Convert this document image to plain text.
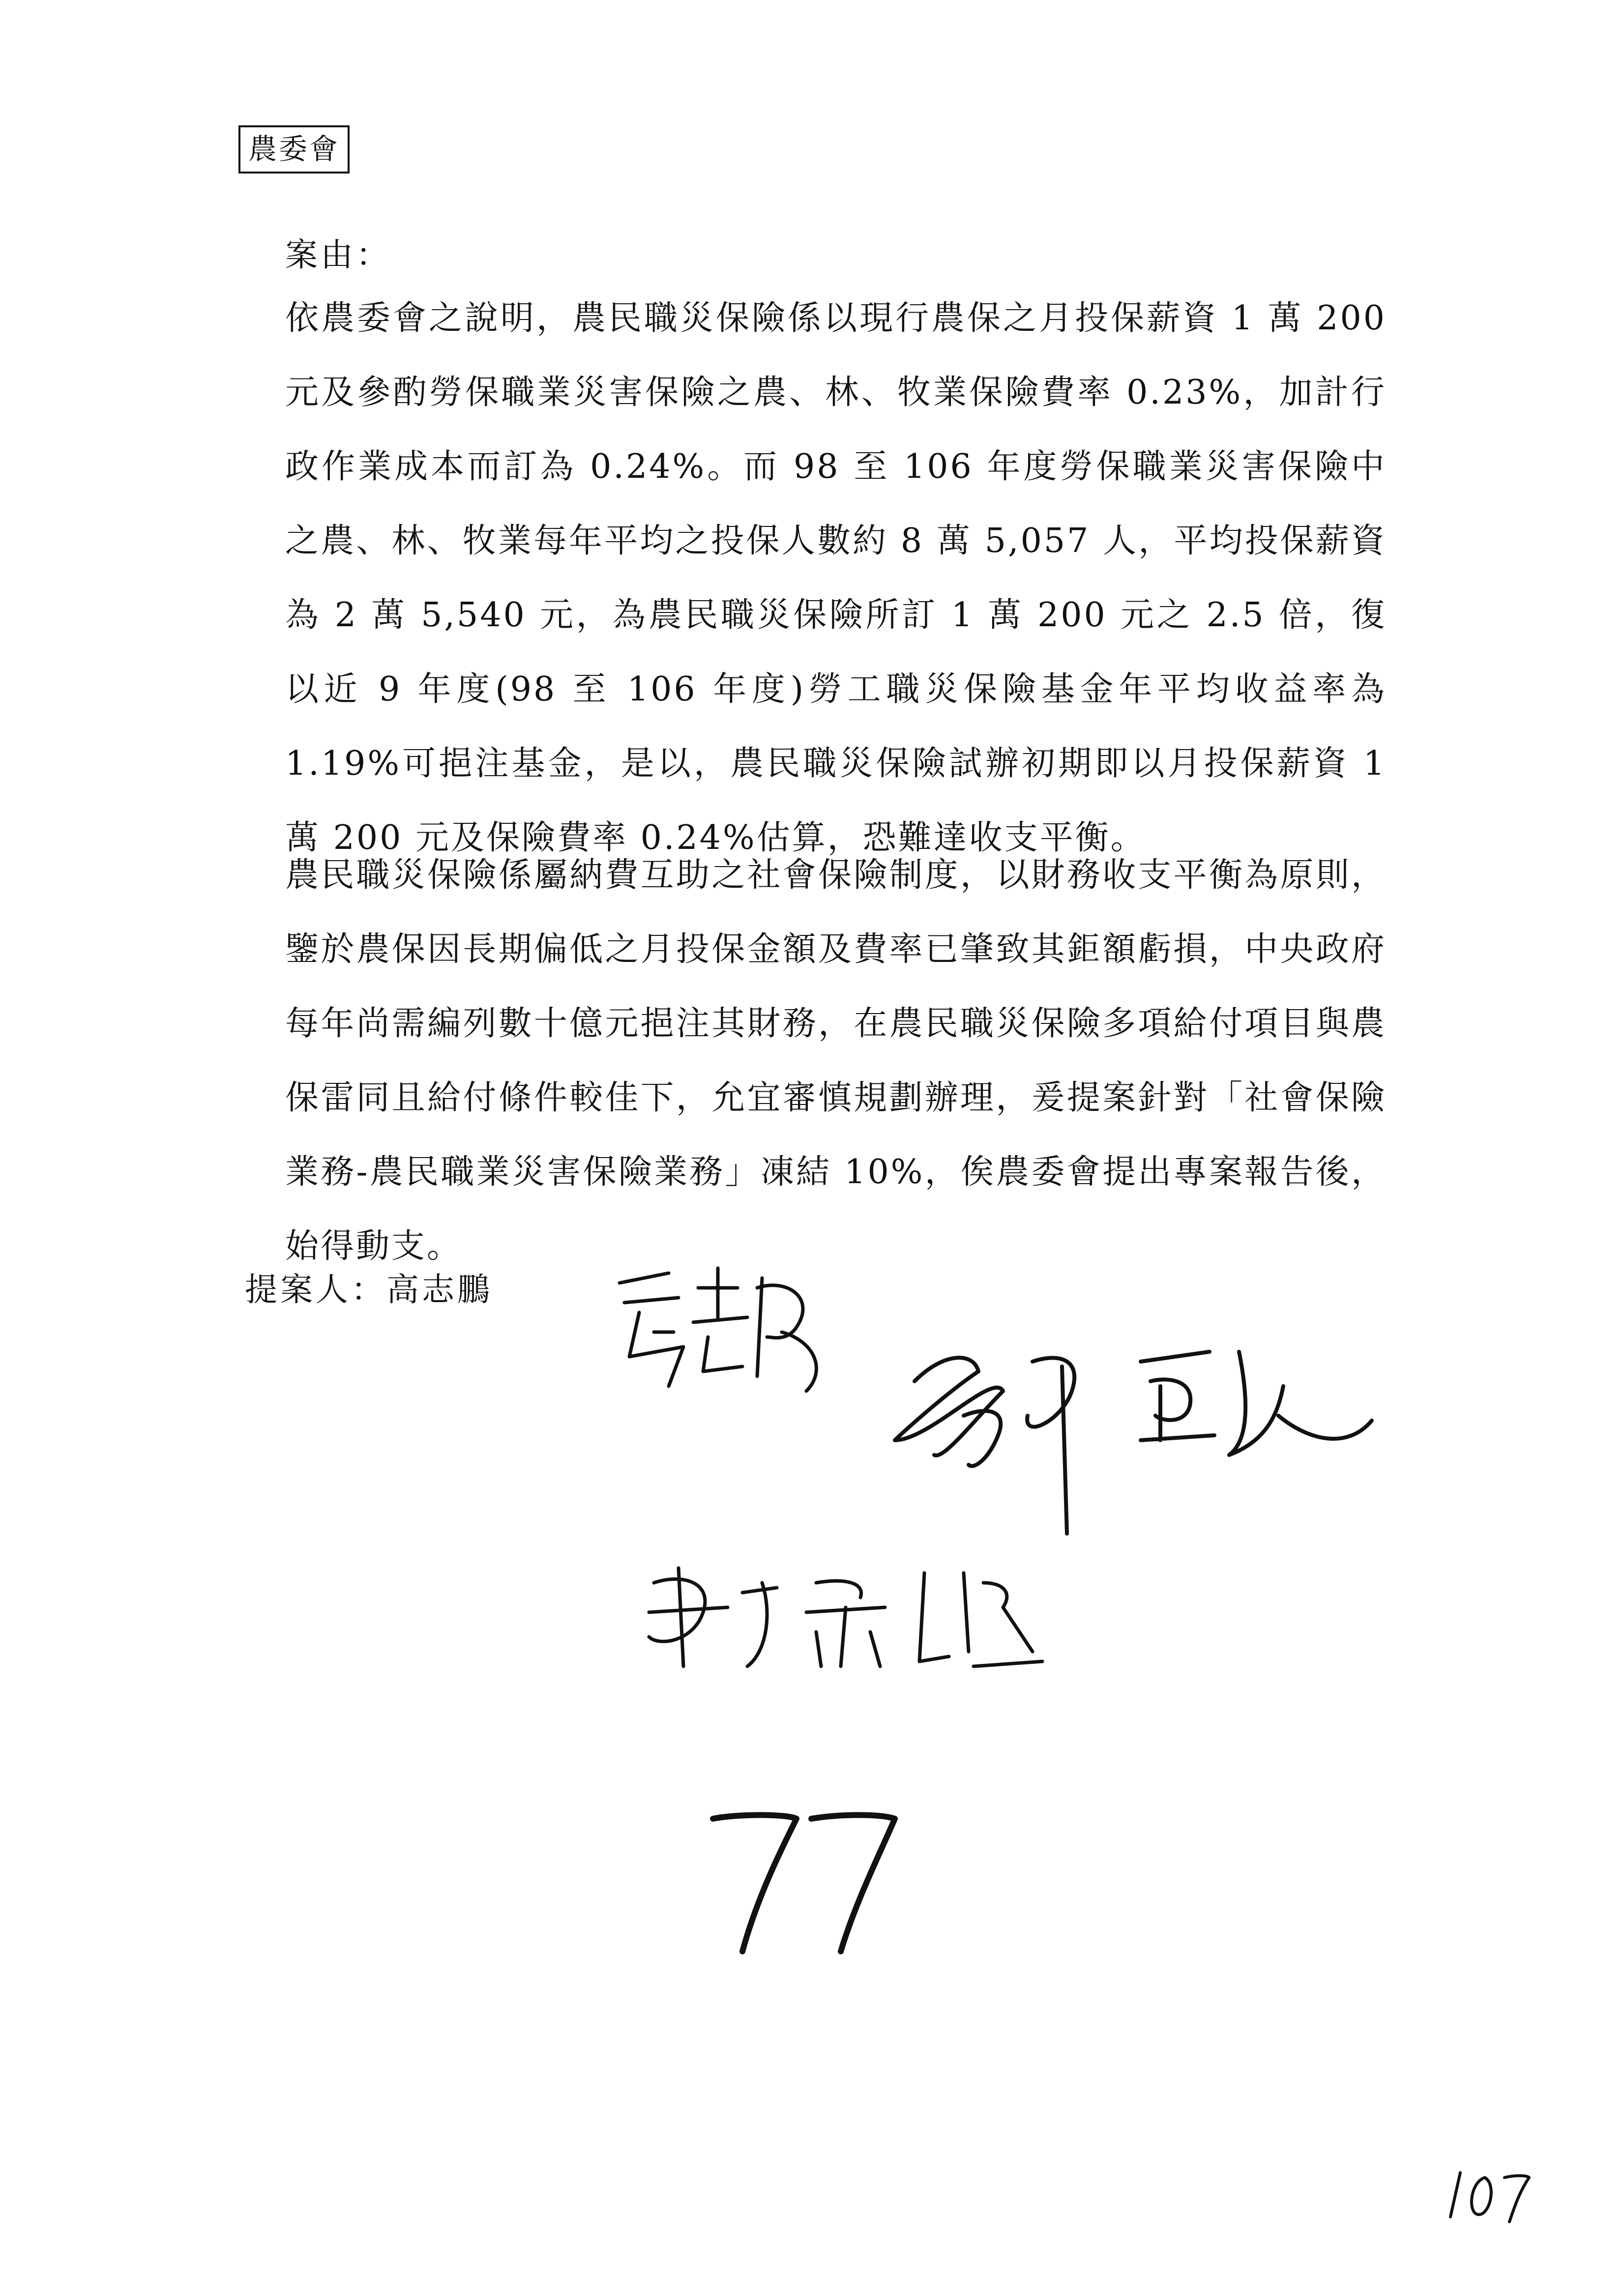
農委會
案由：
依農委會之說明，農民職災保險係以現行農保之月投保薪資 1 萬 200 元及參酌勞保職業災害保險之農、林、牧業保險費率 0.23%，加計行政作業成本而訂為 0.24%。而 98 至 106 年度勞保職業災害保險中之農、林、牧業每年平均之投保人數約 8 萬 5,057 人，平均投保薪資為 2 萬 5,540 元，為農民職災保險所訂 1 萬 200 元之 2.5 倍，復以近 9 年度(98 至 106 年度)勞工職災保險基金年平均收益率為 1.19%可挹注基金，是以，農民職災保險試辦初期即以月投保薪資 1 萬 200 元及保險費率 0.24%估算，恐難達收支平衡。
農民職災保險係屬納費互助之社會保險制度，以財務收支平衡為原則，鑒於農保因長期偏低之月投保金額及費率已肇致其鉅額虧損，中央政府每年尚需編列數十億元挹注其財務，在農民職災保險多項給付項目與農保雷同且給付條件較佳下，允宜審慎規劃辦理，爰提案針對「社會保險業務-農民職業災害保險業務」凍結 10%，俟農委會提出專案報告後，始得動支。
提案人：高志鵬
